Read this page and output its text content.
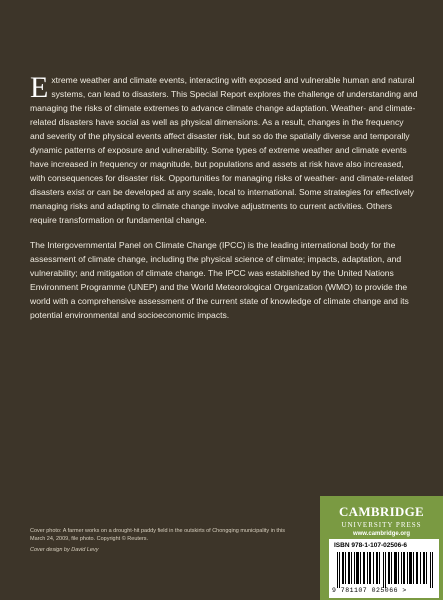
E xtreme weather and climate events, interacting with exposed and vulnerable human and natural systems, can lead to disasters. This Special Report explores the challenge of understanding and managing the risks of climate extremes to advance climate change adaptation. Weather- and climate-related disasters have social as well as physical dimensions. As a result, changes in the frequency and severity of the physical events affect disaster risk, but so do the spatially diverse and temporally dynamic patterns of exposure and vulnerability. Some types of extreme weather and climate events have increased in frequency or magnitude, but populations and assets at risk have also increased, with consequences for disaster risk. Opportunities for managing risks of weather- and climate-related disasters exist or can be developed at any scale, local to international. Some strategies for effectively managing risks and adapting to climate change involve adjustments to current activities. Others require transformation or fundamental change.
The Intergovernmental Panel on Climate Change (IPCC) is the leading international body for the assessment of climate change, including the physical science of climate; impacts, adaptation, and vulnerability; and mitigation of climate change. The IPCC was established by the United Nations Environment Programme (UNEP) and the World Meteorological Organization (WMO) to provide the world with a comprehensive assessment of the current state of knowledge of climate change and its potential environmental and socioeconomic impacts.
Cover photo: A farmer works on a drought-hit paddy field in the outskirts of Chongqing municipality in this March 24, 2009, file photo. Copyright © Reuters.
Cover design by David Levy
CAMBRIDGE
UNIVERSITY PRESS
www.cambridge.org
ISBN 978-1-107-02506-6
9 781107 025066 >
